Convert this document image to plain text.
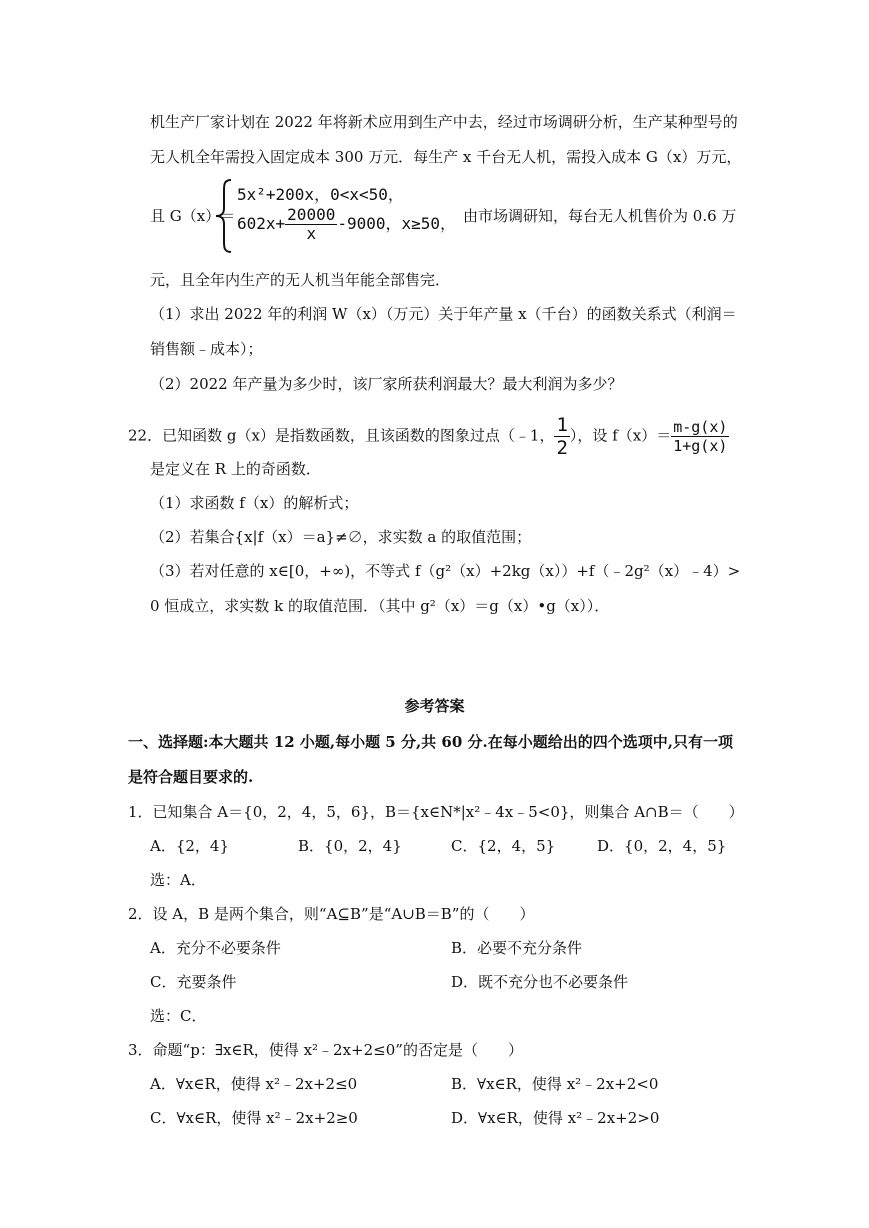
机生产厂家计划在 2022 年将新术应用到生产中去，经过市场调研分析，生产某种型号的
无人机全年需投入固定成本 300 万元．每生产 x 千台无人机，需投入成本 G（x）万元，
且 G（x）＝
5x²+200x，0<x<50，
$602x+ \frac{20000}{x} -9000$，x≥50， 由市场调研知，每台无人机售价为 0.6 万
元，且全年内生产的无人机当年能全部售完．
（1）求出 2022 年的利润 W（x）（万元）关于年产量 x（千台）的函数关系式（利润＝
销售额﹣成本）；
（2）2022 年产量为多少时，该厂家所获利润最大？最大利润为多少？
22．已知函数 g（x）是指数函数，且该函数的图象过点（﹣1， $\frac{1}{2}$ ），设 $f(x)= \frac{m-g(x)}{1+g(x)}$
是定义在 R 上的奇函数．
（1）求函数 f（x）的解析式；
（2）若集合{x|f（x）＝a}≠∅，求实数 a 的取值范围；
（3）若对任意的 x∈[0，+∞)，不等式 f（g²（x）+2kg（x））+f（﹣2g²（x）﹣4）>
0 恒成立，求实数 k 的取值范围．（其中 g²（x）＝g（x）•g（x））．
参考答案
一、选择题:本大题共 12 小题,每小题 5 分,共 60 分.在每小题给出的四个选项中,只有一项
是符合题目要求的.
1．已知集合 A＝{0，2，4，5，6}，B＝{x∈N*|x²﹣4x﹣5<0}，则集合 A∩B＝（　　）
A．{2，4}	B．{0，2，4}	C．{2，4，5}	D．{0，2，4，5}
选：A．
2．设 A，B 是两个集合，则“A⊆B”是“A∪B＝B”的（　　）
A．充分不必要条件	B．必要不充分条件
C．充要条件	D．既不充分也不必要条件
选：C．
3．命题“p：∃x∈R，使得 x²﹣2x+2≤0”的否定是（　　）
A．∀x∈R，使得 x²﹣2x+2≤0	B．∀x∈R，使得 x²﹣2x+2<0
C．∀x∈R，使得 x²﹣2x+2≥0	D．∀x∈R，使得 x²﹣2x+2>0
